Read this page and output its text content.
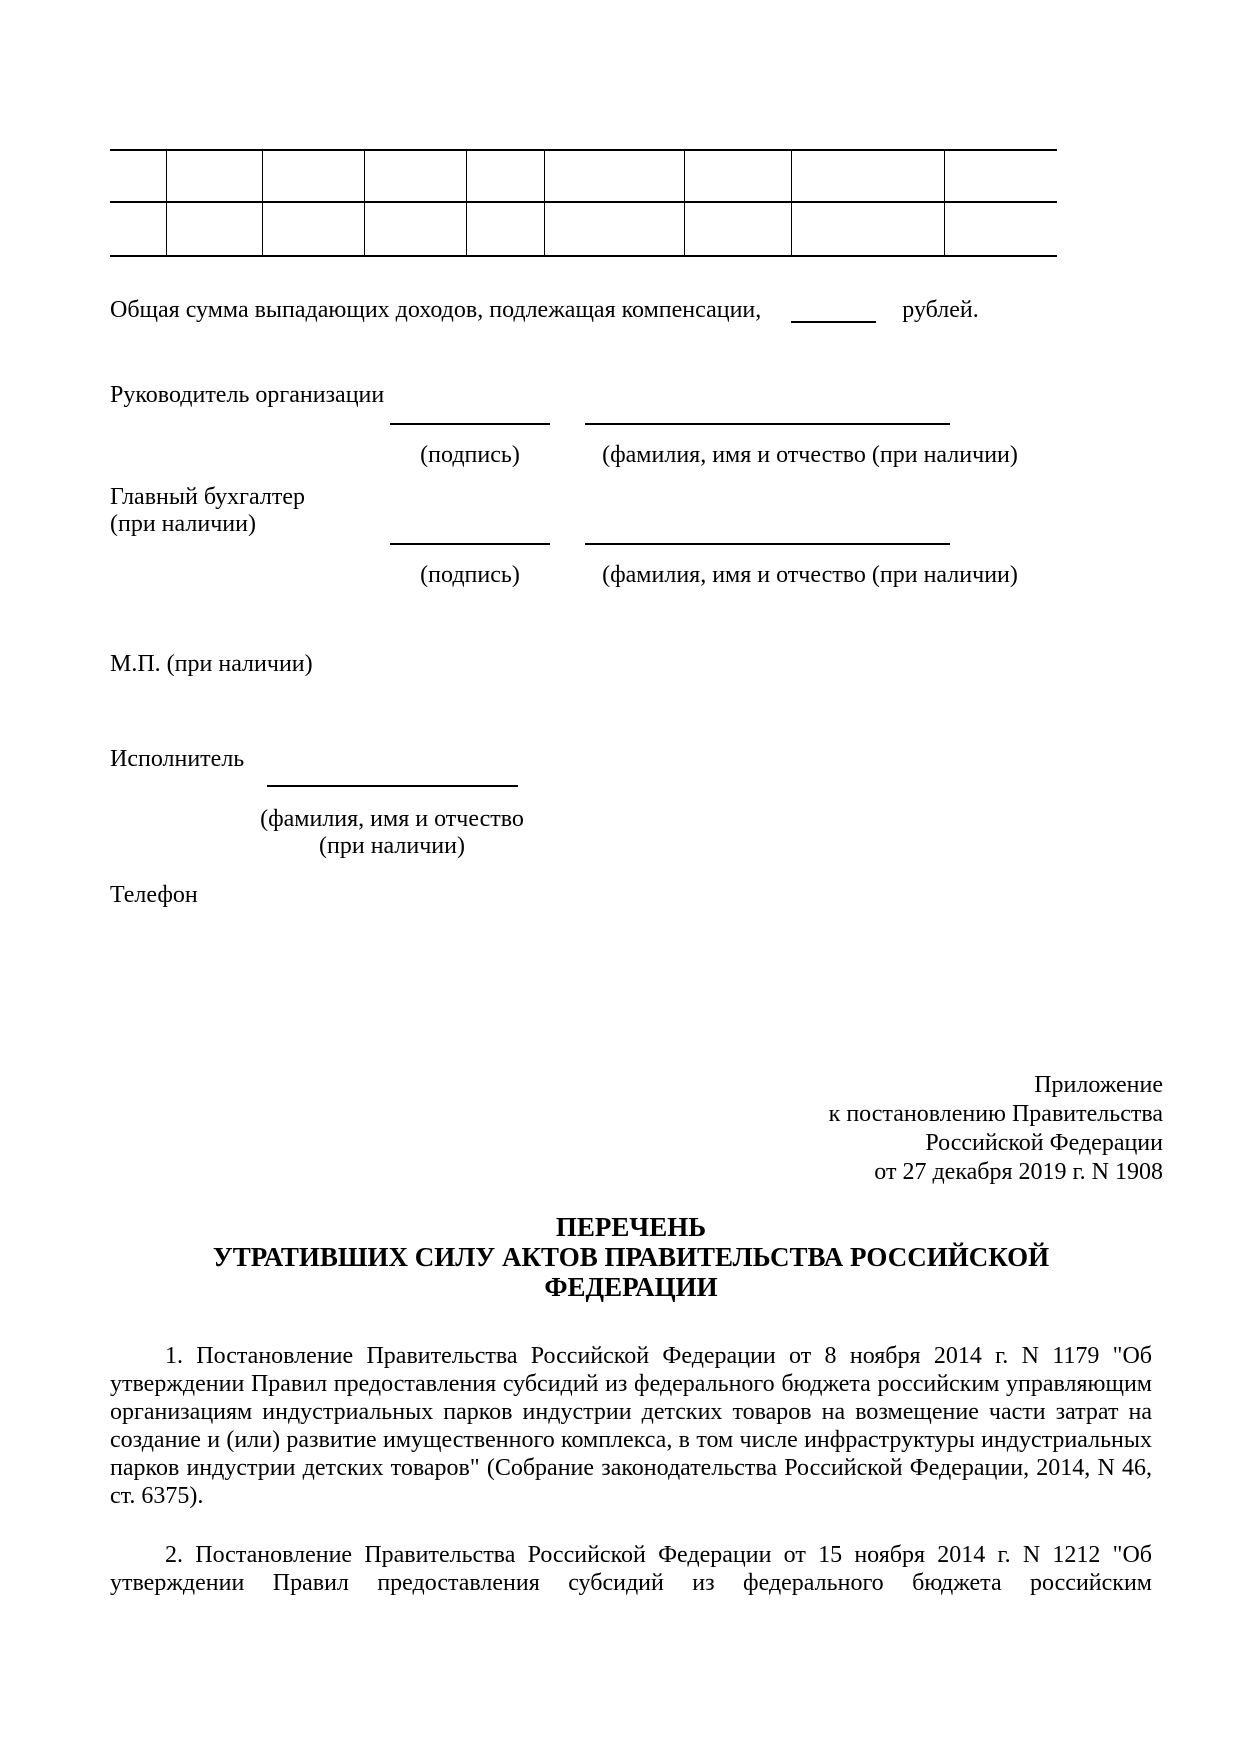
Общая сумма выпадающих доходов, подлежащая компенсации,	рублей.
Руководитель организации
(подпись)	(фамилия, имя и отчество (при наличии)
Главный бухгалтер
(при наличии)
(подпись)	(фамилия, имя и отчество (при наличии)
М.П. (при наличии)
Исполнитель
(фамилия, имя и отчество
(при наличии)
Телефон
Приложение
к постановлению Правительства
Российской Федерации
от 27 декабря 2019 г. N 1908
ПЕРЕЧЕНЬ
УТРАТИВШИХ СИЛУ АКТОВ ПРАВИТЕЛЬСТВА РОССИЙСКОЙ
ФЕДЕРАЦИИ
1. Постановление Правительства Российской Федерации от 8 ноября 2014 г. N 1179 "Об утверждении Правил предоставления субсидий из федерального бюджета российским управляющим организациям индустриальных парков индустрии детских товаров на возмещение части затрат на создание и (или) развитие имущественного комплекса, в том числе инфраструктуры индустриальных парков индустрии детских товаров" (Собрание законодательства Российской Федерации, 2014, N 46, ст. 6375).
2. Постановление Правительства Российской Федерации от 15 ноября 2014 г. N 1212 "Об утверждении Правил предоставления субсидий из федерального бюджета российским
